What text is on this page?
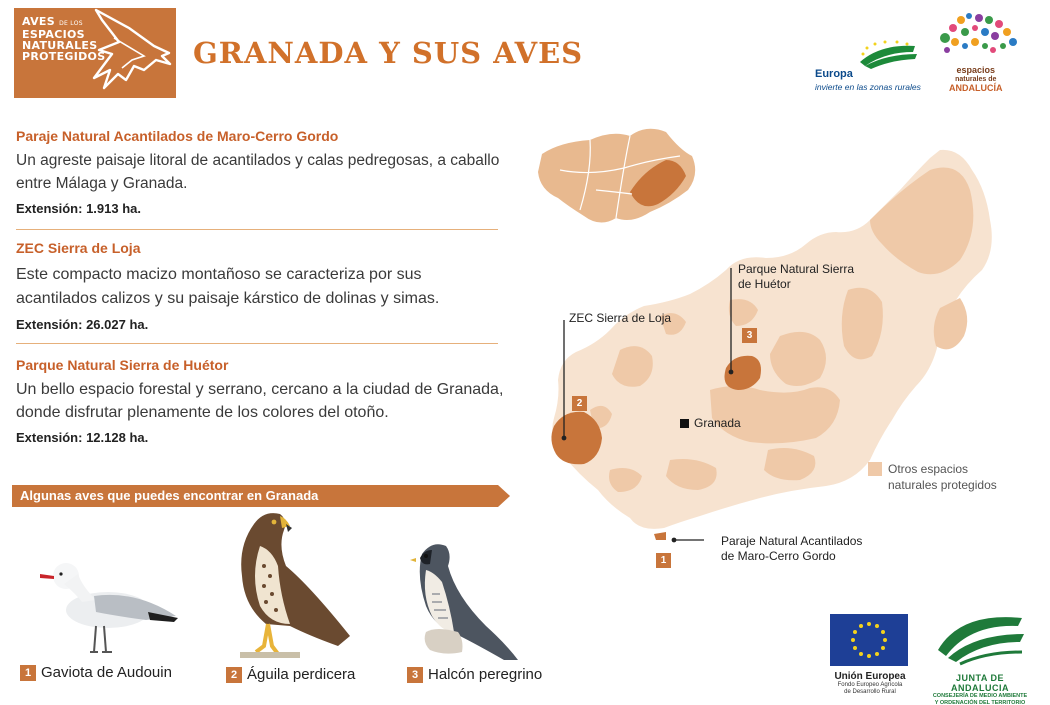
AVES DE LOS
ESPACIOS
NATURALES
PROTEGIDOS	GRANADA Y SUS AVES
Europa
invierte en las zonas rurales
espacios
naturales de
ANDALUCÍA
Paraje Natural Acantilados de Maro-Cerro Gordo
Un agreste paisaje litoral de acantilados y calas pedregosas, a caballo entre Málaga y Granada.
Extensión: 1.913 ha.
ZEC Sierra de Loja
Este compacto macizo montañoso se caracteriza por sus acantilados calizos y su paisaje kárstico de dolinas y simas.
Extensión: 26.027 ha.
Parque Natural Sierra de Huétor
Un bello espacio forestal y serrano, cercano a la ciudad de Granada, donde disfrutar plenamente de los colores del otoño.
Extensión: 12.128 ha.
Algunas aves que puedes encontrar en Granada
1 Gaviota de Audouin	2 Águila perdicera	3 Halcón peregrino
Parque Natural Sierra
de Huétor
3
ZEC Sierra de Loja
2
Granada
Otros espacios
naturales protegidos
Paraje Natural Acantilados
de Maro-Cerro Gordo
1
Unión Europea
Fondo Europeo Agrícola
de Desarrollo Rural
JUNTA DE ANDALUCIA
CONSEJERÍA DE MEDIO AMBIENTE
Y ORDENACIÓN DEL TERRITORIO
